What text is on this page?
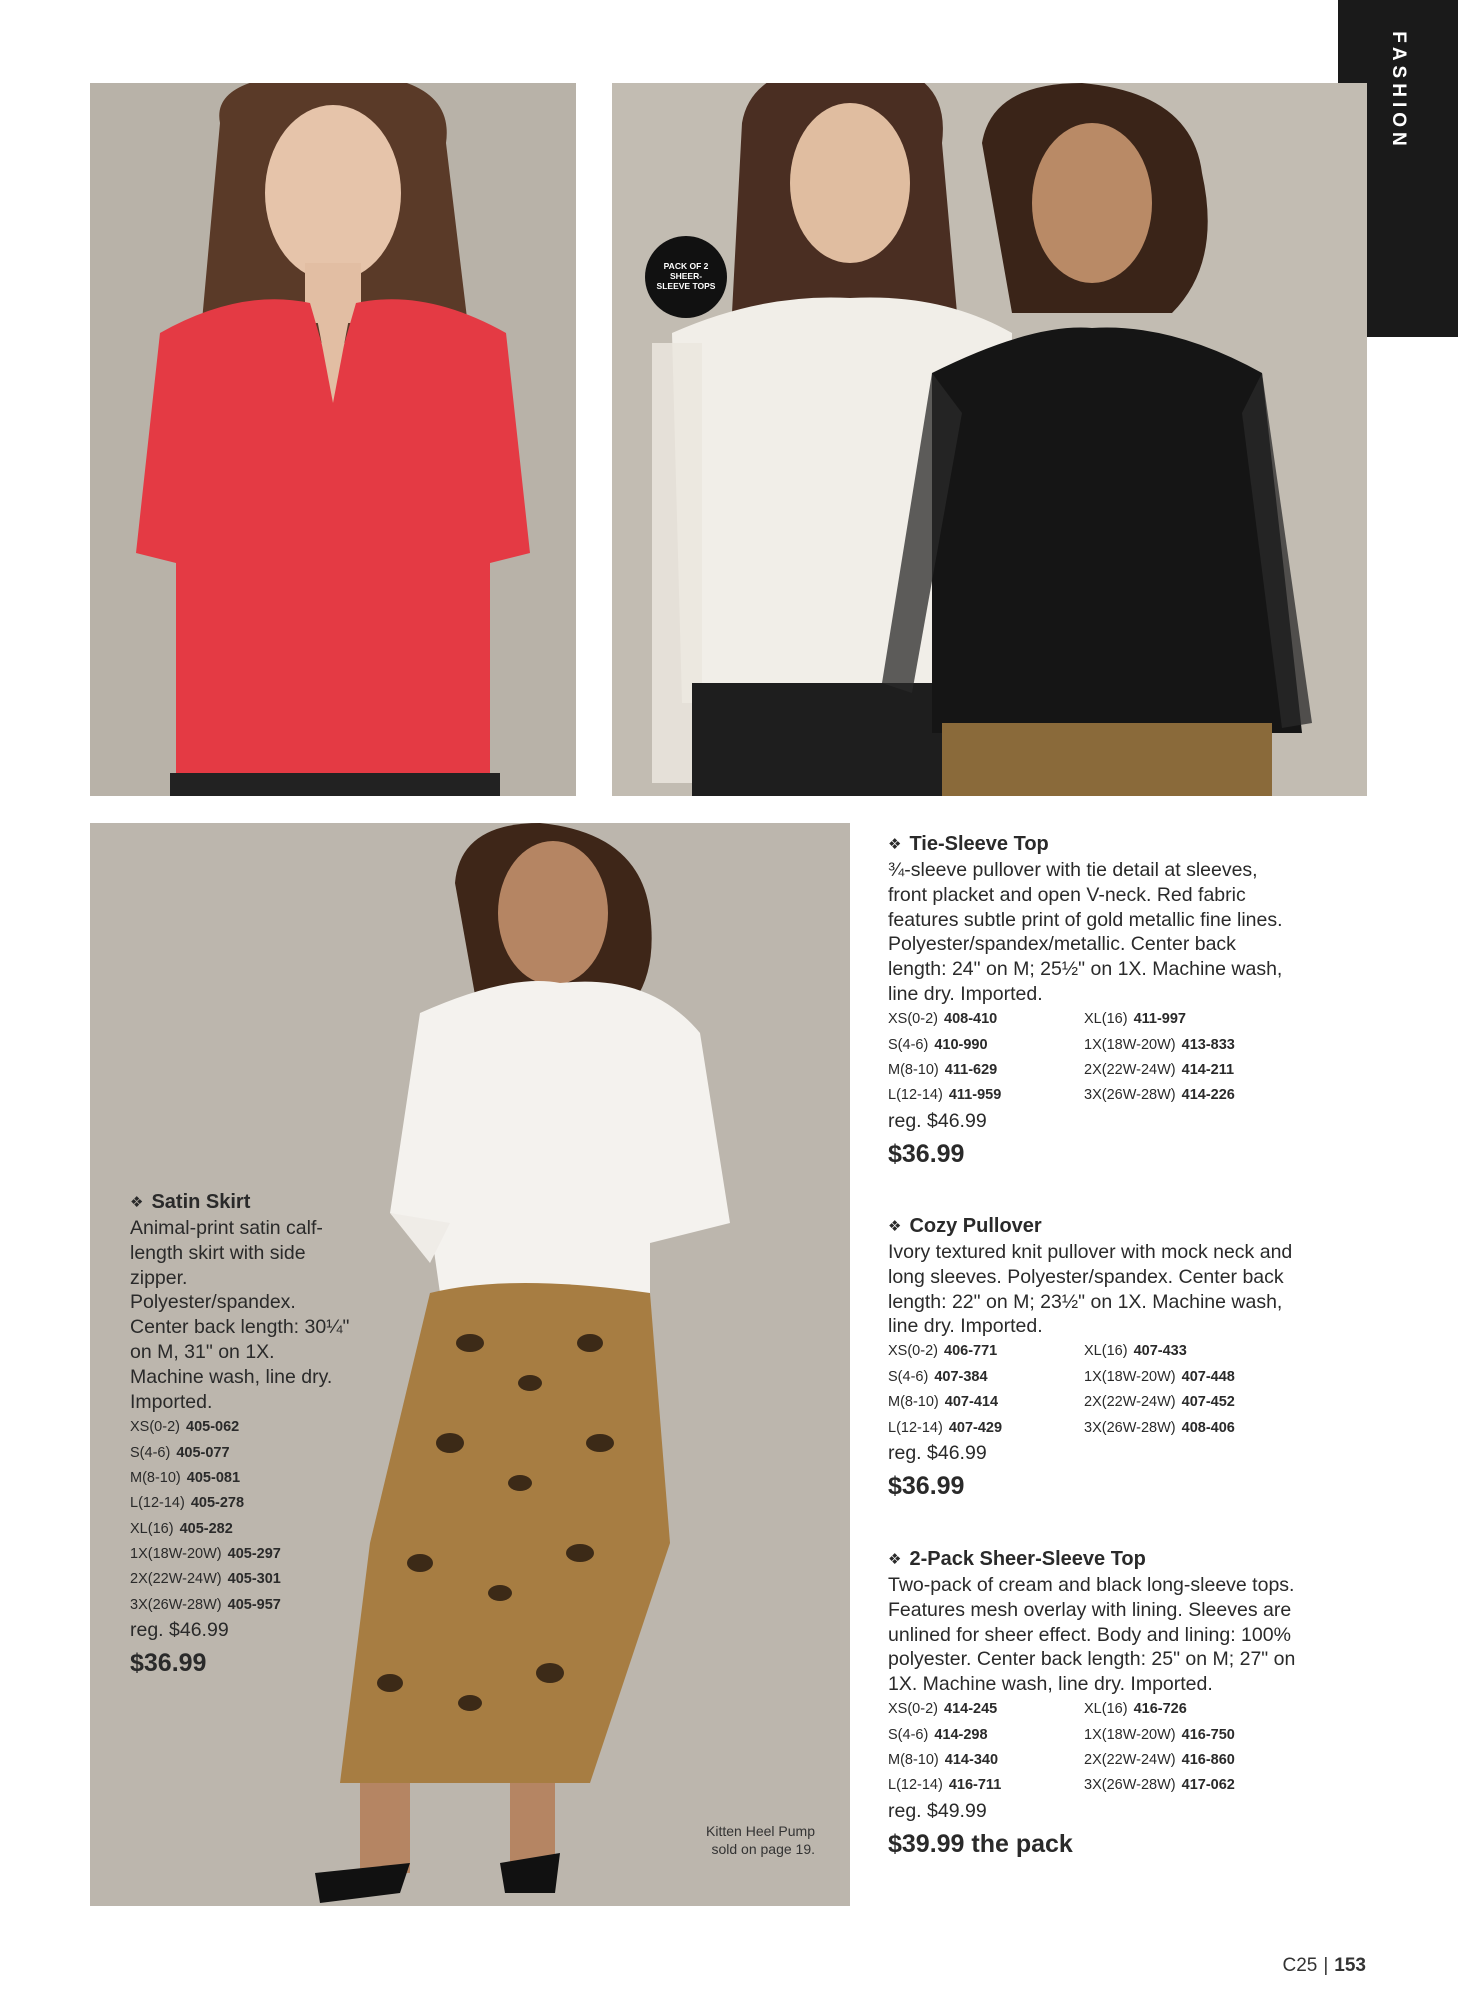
FASHION
PACK OF 2 SHEER-SLEEVE TOPS
Kitten Heel Pump sold on page 19.
❖ Satin Skirt

Animal-print satin calf-length skirt with side zipper. Polyester/spandex. Center back length: 30¼" on M, 31" on 1X. Machine wash, line dry. Imported.

XS(0-2) 405-062
S(4-6) 405-077
M(8-10) 405-081
L(12-14) 405-278
XL(16) 405-282
1X(18W-20W) 405-297
2X(22W-24W) 405-301
3X(26W-28W) 405-957
reg. $46.99
$36.99
❖ Tie-Sleeve Top

¾-sleeve pullover with tie detail at sleeves, front placket and open V-neck. Red fabric features subtle print of gold metallic fine lines. Polyester/spandex/metallic. Center back length: 24" on M; 25½" on 1X. Machine wash, line dry. Imported.

XS(0-2) 408-410	XL(16) 411-997
S(4-6) 410-990	1X(18W-20W) 413-833
M(8-10) 411-629	2X(22W-24W) 414-211
L(12-14) 411-959	3X(26W-28W) 414-226
reg. $46.99
$36.99
❖ Cozy Pullover

Ivory textured knit pullover with mock neck and long sleeves. Polyester/spandex. Center back length: 22" on M; 23½" on 1X. Machine wash, line dry. Imported.

XS(0-2) 406-771	XL(16) 407-433
S(4-6) 407-384	1X(18W-20W) 407-448
M(8-10) 407-414	2X(22W-24W) 407-452
L(12-14) 407-429	3X(26W-28W) 408-406
reg. $46.99
$36.99
❖ 2-Pack Sheer-Sleeve Top

Two-pack of cream and black long-sleeve tops. Features mesh overlay with lining. Sleeves are unlined for sheer effect. Body and lining: 100% polyester. Center back length: 25" on M; 27" on 1X. Machine wash, line dry. Imported.

XS(0-2) 414-245	XL(16) 416-726
S(4-6) 414-298	1X(18W-20W) 416-750
M(8-10) 414-340	2X(22W-24W) 416-860
L(12-14) 416-711	3X(26W-28W) 417-062
reg. $49.99
$39.99 the pack
C25 | 153
